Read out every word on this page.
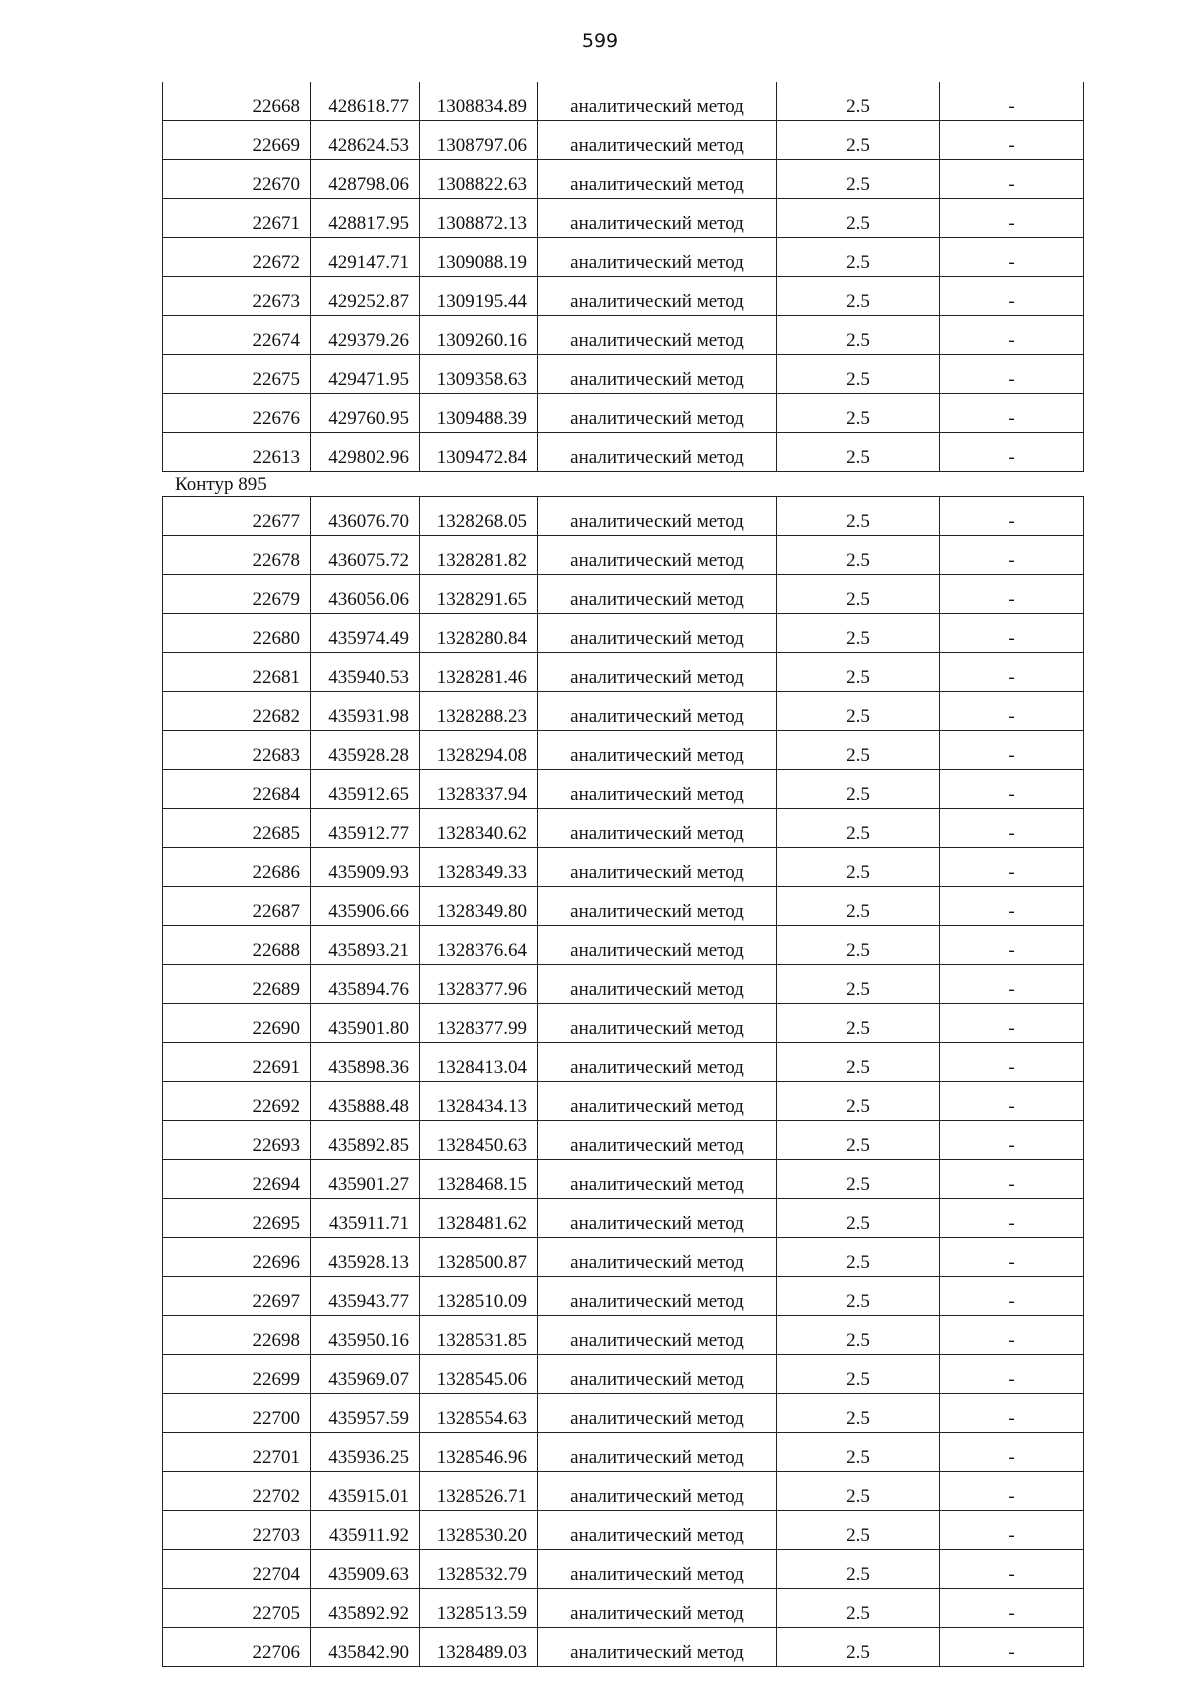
599
22668	428618.77	1308834.89	аналитический метод	2.5	-
22669	428624.53	1308797.06	аналитический метод	2.5	-
22670	428798.06	1308822.63	аналитический метод	2.5	-
22671	428817.95	1308872.13	аналитический метод	2.5	-
22672	429147.71	1309088.19	аналитический метод	2.5	-
22673	429252.87	1309195.44	аналитический метод	2.5	-
22674	429379.26	1309260.16	аналитический метод	2.5	-
22675	429471.95	1309358.63	аналитический метод	2.5	-
22676	429760.95	1309488.39	аналитический метод	2.5	-
22613	429802.96	1309472.84	аналитический метод	2.5	-
Контур 895
22677	436076.70	1328268.05	аналитический метод	2.5	-
22678	436075.72	1328281.82	аналитический метод	2.5	-
22679	436056.06	1328291.65	аналитический метод	2.5	-
22680	435974.49	1328280.84	аналитический метод	2.5	-
22681	435940.53	1328281.46	аналитический метод	2.5	-
22682	435931.98	1328288.23	аналитический метод	2.5	-
22683	435928.28	1328294.08	аналитический метод	2.5	-
22684	435912.65	1328337.94	аналитический метод	2.5	-
22685	435912.77	1328340.62	аналитический метод	2.5	-
22686	435909.93	1328349.33	аналитический метод	2.5	-
22687	435906.66	1328349.80	аналитический метод	2.5	-
22688	435893.21	1328376.64	аналитический метод	2.5	-
22689	435894.76	1328377.96	аналитический метод	2.5	-
22690	435901.80	1328377.99	аналитический метод	2.5	-
22691	435898.36	1328413.04	аналитический метод	2.5	-
22692	435888.48	1328434.13	аналитический метод	2.5	-
22693	435892.85	1328450.63	аналитический метод	2.5	-
22694	435901.27	1328468.15	аналитический метод	2.5	-
22695	435911.71	1328481.62	аналитический метод	2.5	-
22696	435928.13	1328500.87	аналитический метод	2.5	-
22697	435943.77	1328510.09	аналитический метод	2.5	-
22698	435950.16	1328531.85	аналитический метод	2.5	-
22699	435969.07	1328545.06	аналитический метод	2.5	-
22700	435957.59	1328554.63	аналитический метод	2.5	-
22701	435936.25	1328546.96	аналитический метод	2.5	-
22702	435915.01	1328526.71	аналитический метод	2.5	-
22703	435911.92	1328530.20	аналитический метод	2.5	-
22704	435909.63	1328532.79	аналитический метод	2.5	-
22705	435892.92	1328513.59	аналитический метод	2.5	-
22706	435842.90	1328489.03	аналитический метод	2.5	-
